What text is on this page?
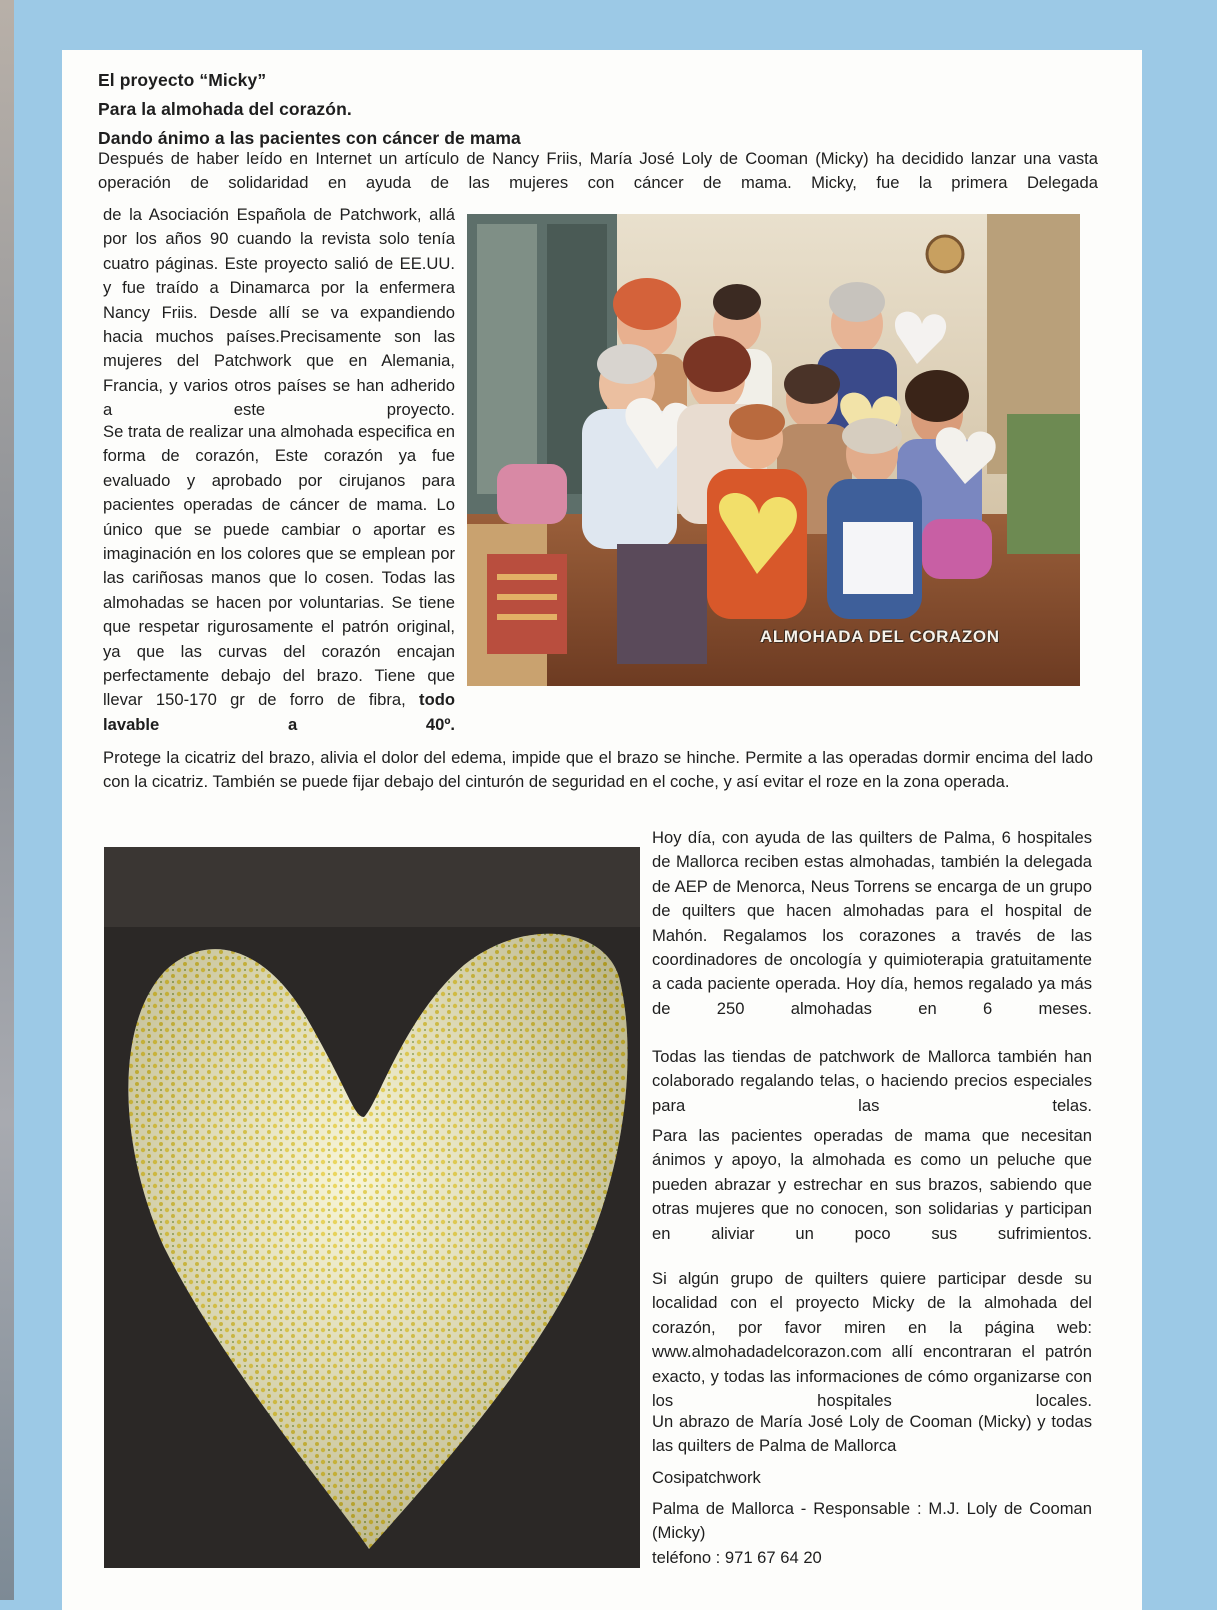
El proyecto “Micky”
Para la almohada del corazón.
Dando ánimo a las pacientes con cáncer de mama

Después de haber leído en Internet un artículo de Nancy Friis, María José Loly de Cooman (Micky) ha decidido lanzar una vasta operación de solidaridad en ayuda de las mujeres con cáncer de mama. Micky, fue la primera Delegada

de la Asociación Española de Patchwork, allá por los años 90 cuando la revista solo tenía cuatro páginas. Este proyecto salió de EE.UU. y fue traído a Dinamarca por la enfermera Nancy Friis. Desde allí se va expandiendo hacia muchos países.Precisamente son las mujeres del Patchwork que en Alemania, Francia, y varios otros países se han adherido a este proyecto.

Se trata de realizar una almohada especifica en forma de corazón, Este corazón ya fue evaluado y aprobado por cirujanos para pacientes operadas de cáncer de mama. Lo único que se puede cambiar o aportar es imaginación en los colores que se emplean por las cariñosas manos que lo cosen. Todas las almohadas se hacen por voluntarias. Se tiene que respetar rigurosamente el patrón original, ya que las curvas del corazón encajan perfectamente debajo del brazo. Tiene que llevar 150-170 gr de forro de fibra, todo lavable a 40º.

ALMOHADA DEL CORAZON

Protege la cicatriz del brazo, alivia el dolor del edema, impide que el brazo se hinche. Permite a las operadas dormir encima del lado con la cicatriz. También se puede fijar debajo del cinturón de seguridad en el coche, y así evitar el roze en la zona operada.

Hoy día, con ayuda de las quilters de Palma, 6 hospitales de Mallorca reciben estas almohadas, también la delegada de AEP de Menorca, Neus Torrens se encarga de un grupo de quilters que hacen almohadas para el hospital de Mahón. Regalamos los corazones a través de las coordinadores de oncología y quimioterapia gratuitamente a cada paciente operada. Hoy día, hemos regalado ya más de 250 almohadas en 6 meses.

Todas las tiendas de patchwork de Mallorca también han colaborado regalando telas, o haciendo precios especiales para las telas.

Para las pacientes operadas de mama que necesitan ánimos y apoyo, la almohada es como un peluche que pueden abrazar y estrechar en sus brazos, sabiendo que otras mujeres que no conocen, son solidarias y participan en aliviar un poco sus sufrimientos.

Si algún grupo de quilters quiere participar desde su localidad con el proyecto Micky de la almohada del corazón, por favor miren en la página web: www.almohadadelcorazon.com allí encontraran el patrón exacto, y todas las informaciones de cómo organizarse con los hospitales locales.

Un abrazo de María José Loly de Cooman (Micky) y todas las quilters de Palma de Mallorca

Cosipatchwork

Palma de Mallorca - Responsable : M.J. Loly de Cooman (Micky)

teléfono : 971 67 64 20
